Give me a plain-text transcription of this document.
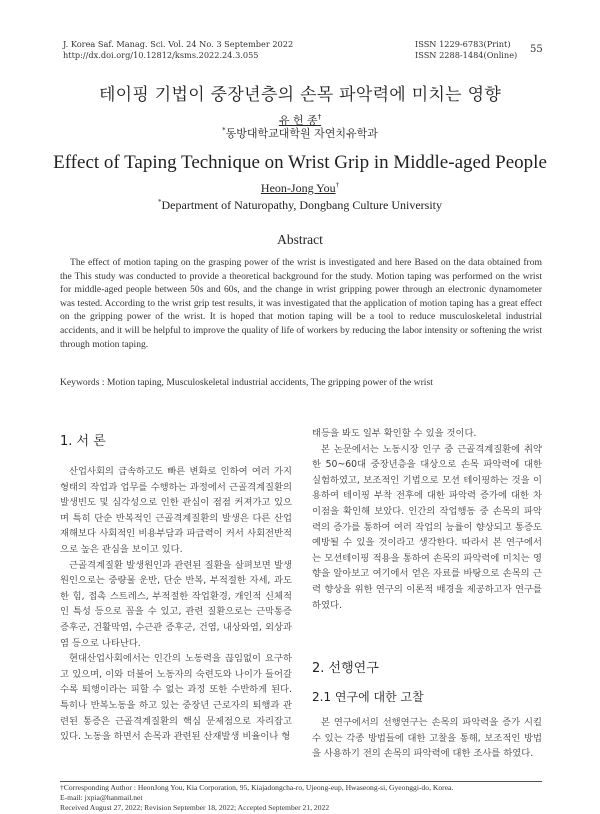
J. Korea Saf. Manag. Sci. Vol. 24 No. 3 September 2022
http://dx.doi.org/10.12812/ksms.2022.24.3.055
ISSN 1229-6783(Print)
ISSN 2288-1484(Online) 55
테이핑 기법이 중장년층의 손목 파악력에 미치는 영향
유 헌 종†
*동방대학교대학원 자연치유학과
Effect of Taping Technique on Wrist Grip in Middle-aged People
Heon-Jong You†
*Department of Naturopathy, Dongbang Culture University
Abstract
The effect of motion taping on the grasping power of the wrist is investigated and here Based on the data obtained from the This study was conducted to provide a theoretical background for the study. Motion taping was performed on the wrist for middle-aged people between 50s and 60s, and the change in wrist gripping power through an electronic dynamometer was tested. According to the wrist grip test results, it was investigated that the application of motion taping has a great effect on the gripping power of the wrist. It is hoped that motion taping will be a tool to reduce musculoskeletal industrial accidents, and it will be helpful to improve the quality of life of workers by reducing the labor intensity or softening the wrist through motion taping.
Keywords : Motion taping, Musculoskeletal industrial accidents, The gripping power of the wrist
1. 서 론

산업사회의 급속하고도 빠른 변화로 인하여 여러 가지 형태의 작업과 업무를 수행하는 과정에서 근골격계질환의 발생빈도 및 심각성으로 인한 관심이 점점 커져가고 있으며 특히 단순 반복적인 근골격계질환의 발생은 다른 산업재해보다 사회적인 비용부담과 파급력이 커서 사회전반적으로 높은 관심을 보이고 있다.

근골격계질환 발생원인과 관련된 질환을 살펴보면 발생원인으로는 중량물 운반, 단순 반복, 부적절한 자세, 과도한 힘, 접촉 스트레스, 부적절한 작업환경, 개인적 신체적인 특성 등으로 꼽을 수 있고, 관련 질환으로는 근막통증증후군, 건활막염, 수근관 증후군, 건염, 내상와염, 외상과염 등으로 나타난다.

현대산업사회에서는 인간의 노동력을 끊임없이 요구하고 있으며, 이와 더불어 노동자의 숙련도와 나이가 들어갈수록 퇴행이라는 피할 수 없는 과정 또한 수반하게 된다. 특히나 반복노동을 하고 있는 중장년 근로자의 퇴행과 관련된 통증은 근골격계질환의 핵심 문제점으로 자리잡고 있다. 노동을 하면서 손목과 관련된 산재발생 비율이나 형

태등을 봐도 일부 확인할 수 있을 것이다.

본 논문에서는 노동시장 인구 중 근골격계질환에 취약한 50~60대 중장년층을 대상으로 손목 파악력에 대한 실험하였고, 보조적인 기법으로 모션 테이핑하는 것을 이용하여 테이핑 부착 전후에 대한 파악력 증가에 대한 차이점을 확인해 보았다. 인간의 작업행동 중 손목의 파악력의 증가를 통하여 여러 작업의 능률이 향상되고 통증도 예방될 수 있을 것이라고 생각한다. 따라서 본 연구에서는 모션테이핑 적용을 통하여 손목의 파악력에 미치는 영향을 알아보고 여기에서 얻은 자료를 바탕으로 손목의 근력 향상을 위한 연구의 이론적 배경을 제공하고자 연구를 하였다.

2. 선행연구
2.1 연구에 대한 고찰

본 연구에서의 선행연구는 손목의 파악력을 증가 시킬 수 있는 각종 방법들에 대한 고찰을 통해, 보조적인 방법을 사용하기 전의 손목의 파악력에 대한 조사를 하였다.

†Corresponding Author : HeonJong You, Kia Corporation, 95, Kiajadongcha-ro, Ujeong-eup, Hwaseong-si, Gyeonggi-do, Korea.
E-mail: jxpia@hanmail.net
Received August 27, 2022; Revision September 18, 2022; Accepted September 21, 2022
